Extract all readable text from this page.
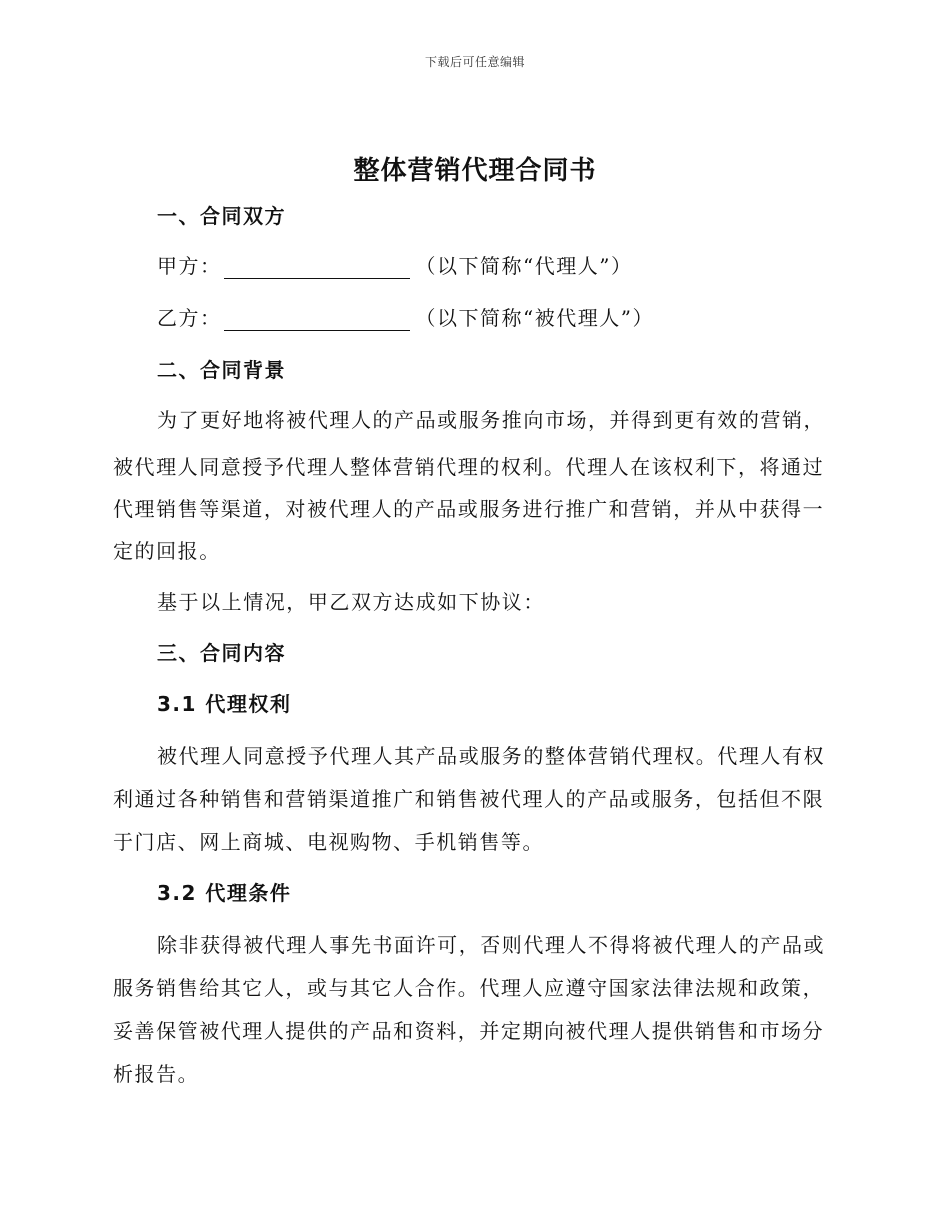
下载后可任意编辑
整体营销代理合同书
一、合同双方
甲方：	（以下简称“代理人”）
乙方：	（以下简称“被代理人”）
二、合同背景
为了更好地将被代理人的产品或服务推向市场，并得到更有效的营销，
被代理人同意授予代理人整体营销代理的权利。代理人在该权利下，将通过
代理销售等渠道，对被代理人的产品或服务进行推广和营销，并从中获得一
定的回报。
基于以上情况，甲乙双方达成如下协议：
三、合同内容
3.1 代理权利
被代理人同意授予代理人其产品或服务的整体营销代理权。代理人有权
利通过各种销售和营销渠道推广和销售被代理人的产品或服务，包括但不限
于门店、网上商城、电视购物、手机销售等。
3.2 代理条件
除非获得被代理人事先书面许可，否则代理人不得将被代理人的产品或
服务销售给其它人，或与其它人合作。代理人应遵守国家法律法规和政策，
妥善保管被代理人提供的产品和资料，并定期向被代理人提供销售和市场分
析报告。
